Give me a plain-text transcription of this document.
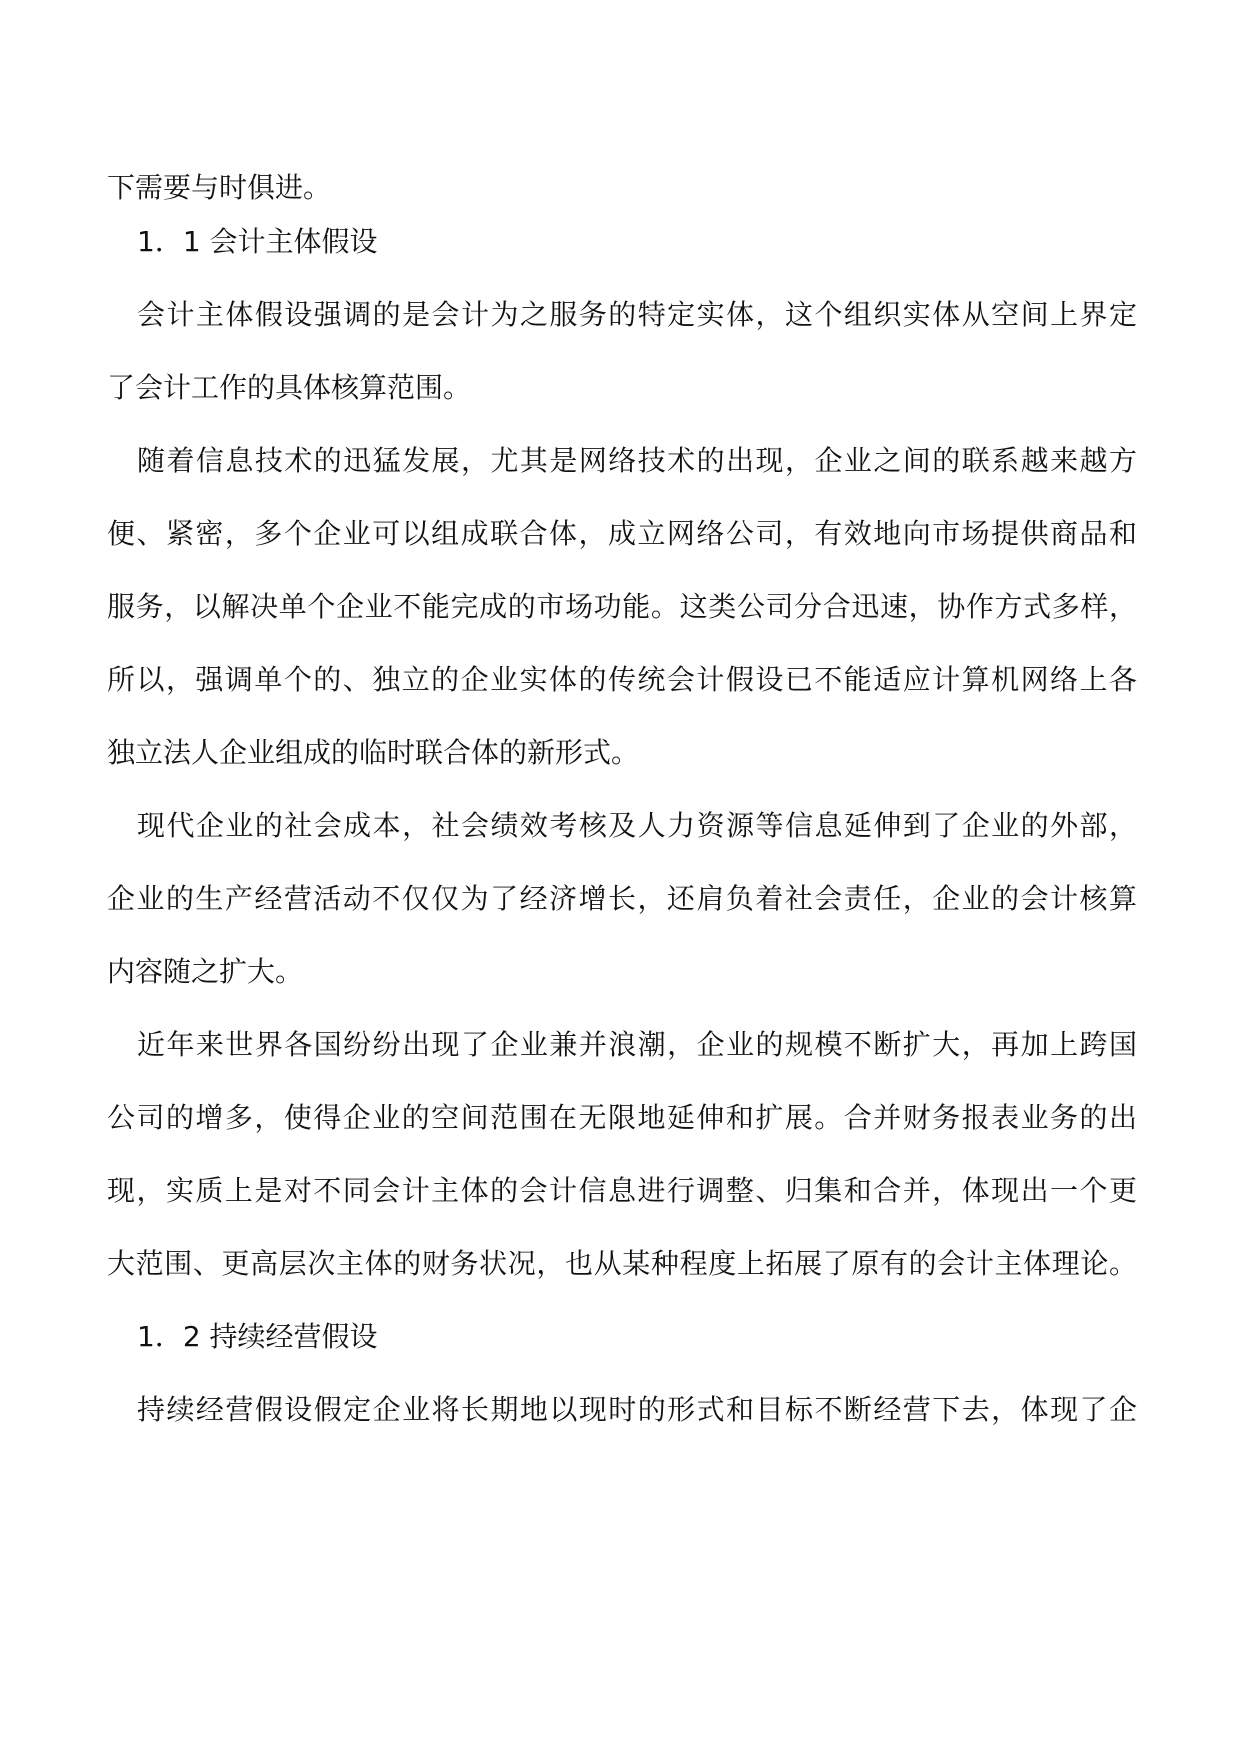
下需要与时俱进。
1．1 会计主体假设
会计主体假设强调的是会计为之服务的特定实体，这个组织实体从空间上界定
了会计工作的具体核算范围。
随着信息技术的迅猛发展，尤其是网络技术的出现，企业之间的联系越来越方
便、紧密，多个企业可以组成联合体，成立网络公司，有效地向市场提供商品和
服务，以解决单个企业不能完成的市场功能。这类公司分合迅速，协作方式多样，
所以，强调单个的、独立的企业实体的传统会计假设已不能适应计算机网络上各
独立法人企业组成的临时联合体的新形式。
现代企业的社会成本，社会绩效考核及人力资源等信息延伸到了企业的外部，
企业的生产经营活动不仅仅为了经济增长，还肩负着社会责任，企业的会计核算
内容随之扩大。
近年来世界各国纷纷出现了企业兼并浪潮，企业的规模不断扩大，再加上跨国
公司的增多，使得企业的空间范围在无限地延伸和扩展。合并财务报表业务的出
现，实质上是对不同会计主体的会计信息进行调整、归集和合并，体现出一个更
大范围、更高层次主体的财务状况，也从某种程度上拓展了原有的会计主体理论。
1．2 持续经营假设
持续经营假设假定企业将长期地以现时的形式和目标不断经营下去，体现了企
